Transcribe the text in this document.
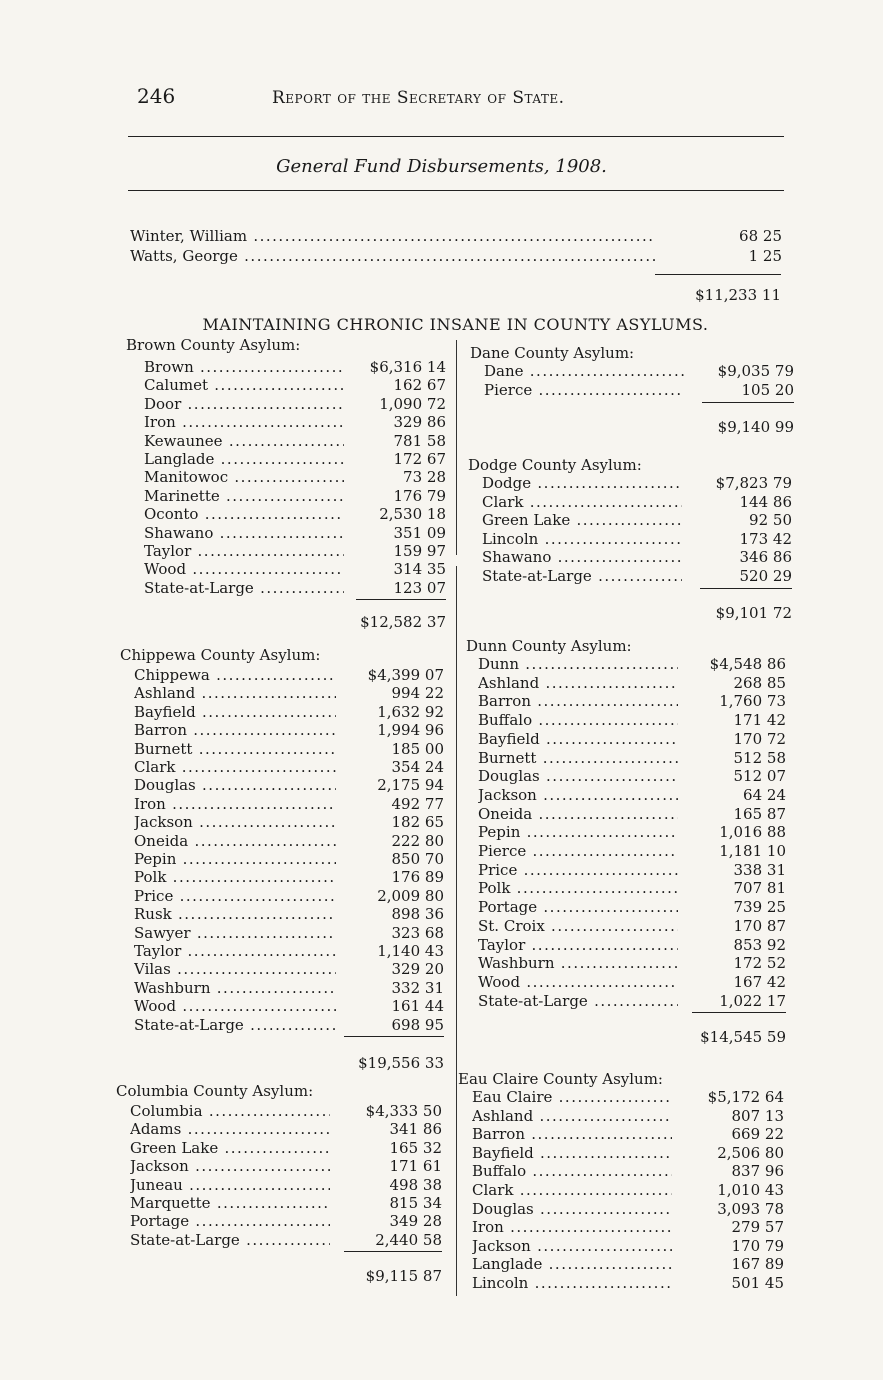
246	Report of the Secretary of State.
General Fund Disbursements, 1908.
Winter, William .....	68 25
Watts, George .....	1 25
$11,233 11
MAINTAINING CHRONIC INSANE IN COUNTY ASYLUMS.
Brown County Asylum:
Brown .....	$6,316 14
Calumet .....	162 67
Door .....	1,090 72
Iron .....	329 86
Kewaunee .....	781 58
Langlade .....	172 67
Manitowoc .....	73 28
Marinette .....	176 79
Oconto .....	2,530 18
Shawano .....	351 09
Taylor .....	159 97
Wood .....	314 35
State-at-Large .....	123 07
$12,582 37
Chippewa County Asylum:
Chippewa .....	$4,399 07
Ashland .....	994 22
Bayfield .....	1,632 92
Barron .....	1,994 96
Burnett .....	185 00
Clark .....	354 24
Douglas .....	2,175 94
Iron .....	492 77
Jackson .....	182 65
Oneida .....	222 80
Pepin .....	850 70
Polk .....	176 89
Price .....	2,009 80
Rusk .....	898 36
Sawyer .....	323 68
Taylor .....	1,140 43
Vilas .....	329 20
Washburn .....	332 31
Wood .....	161 44
State-at-Large .....	698 95
$19,556 33
Columbia County Asylum:
Columbia .....	$4,333 50
Adams .....	341 86
Green Lake .....	165 32
Jackson .....	171 61
Juneau .....	498 38
Marquette .....	815 34
Portage .....	349 28
State-at-Large .....	2,440 58
$9,115 87
Dane County Asylum:
Dane .....	$9,035 79
Pierce .....	105 20
$9,140 99
Dodge County Asylum:
Dodge .....	$7,823 79
Clark .....	144 86
Green Lake .....	92 50
Lincoln .....	173 42
Shawano .....	346 86
State-at-Large .....	520 29
$9,101 72
Dunn County Asylum:
Dunn .....	$4,548 86
Ashland .....	268 85
Barron .....	1,760 73
Buffalo .....	171 42
Bayfield .....	170 72
Burnett .....	512 58
Douglas .....	512 07
Jackson .....	64 24
Oneida .....	165 87
Pepin .....	1,016 88
Pierce .....	1,181 10
Price .....	338 31
Polk .....	707 81
Portage .....	739 25
St. Croix .....	170 87
Taylor .....	853 92
Washburn .....	172 52
Wood .....	167 42
State-at-Large .....	1,022 17
$14,545 59
Eau Claire County Asylum:
Eau Claire .....	$5,172 64
Ashland .....	807 13
Barron .....	669 22
Bayfield .....	2,506 80
Buffalo .....	837 96
Clark .....	1,010 43
Douglas .....	3,093 78
Iron .....	279 57
Jackson .....	170 79
Langlade .....	167 89
Lincoln .....	501 45
